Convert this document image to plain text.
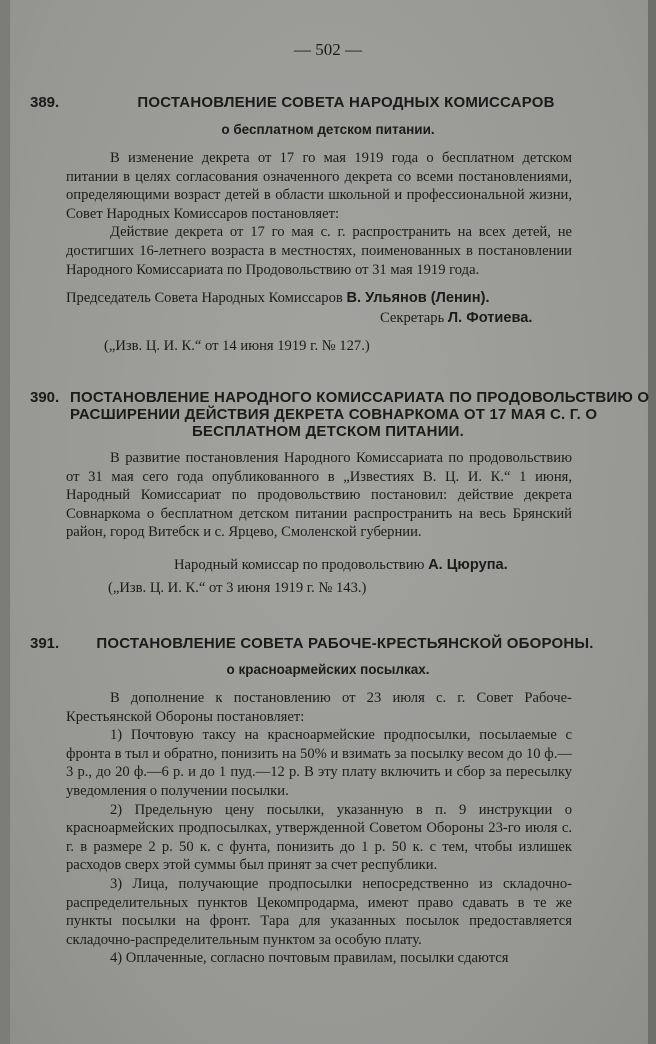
— 502 —
389.	ПОСТАНОВЛЕНИЕ СОВЕТА НАРОДНЫХ КОМИССАРОВ
о бесплатном детском питании.

В изменение декрета от 17 го мая 1919 года о бесплатном детском питании в целях согласования означенного декрета со всеми постановлениями, определяющими возраст детей в области школьной и профессиональной жизни, Совет Народных Комиссаров постановляет:

Действие декрета от 17 го мая с. г. распространить на всех детей, не достигших 16-летнего возраста в местностях, поименованных в постановлении Народного Комиссариата по Продовольствию от 31 мая 1919 года.

Председатель Совета Народных Комиссаров В. Ульянов (Ленин).
Секретарь Л. Фотиева.
(„Изв. Ц. И. К.“ от 14 июня 1919 г. № 127.)
390. ПОСТАНОВЛЕНИЕ НАРОДНОГО КОМИССАРИАТА ПО ПРОДОВОЛЬСТВИЮ О
РАСШИРЕНИИ ДЕЙСТВИЯ ДЕКРЕТА СОВНАРКОМА ОТ 17 МАЯ С. Г. О
БЕСПЛАТНОМ ДЕТСКОМ ПИТАНИИ.

В развитие постановления Народного Комиссариата по продовольствию от 31 мая сего года опубликованного в „Известиях В. Ц. И. К.“ 1 июня, Народный Комиссариат по продовольствию постановил: действие декрета Совнаркома о бесплатном детском питании распространить на весь Брянский район, город Витебск и с. Ярцево, Смоленской губернии.

Народный комиссар по продовольствию А. Цюрупа.
(„Изв. Ц. И. К.“ от 3 июня 1919 г. № 143.)
391.	ПОСТАНОВЛЕНИЕ СОВЕТА РАБОЧЕ-КРЕСТЬЯНСКОЙ ОБОРОНЫ.
о красноармейских посылках.

В дополнение к постановлению от 23 июля с. г. Совет Рабоче-Крестьянской Обороны постановляет:

1) Почтовую таксу на красноармейские продпосылки, посылаемые с фронта в тыл и обратно, понизить на 50% и взимать за посылку весом до 10 ф.—3 р., до 20 ф.—6 р. и до 1 пуд.—12 р. В эту плату включить и сбор за пересылку уведомления о получении посылки.

2) Предельную цену посылки, указанную в п. 9 инструкции о красноармейских продпосылках, утвержденной Советом Обороны 23-го июля с. г. в размере 2 р. 50 к. с фунта, понизить до 1 р. 50 к. с тем, чтобы излишек расходов сверх этой суммы был принят за счет республики.

3) Лица, получающие продпосылки непосредственно из складочно-распределительных пунктов Цекомпродарма, имеют право сдавать в те же пункты посылки на фронт. Тара для указанных посылок предоставляется складочно-распределительным пунктом за особую плату.

4) Оплаченные, согласно почтовым правилам, посылки сдаются
